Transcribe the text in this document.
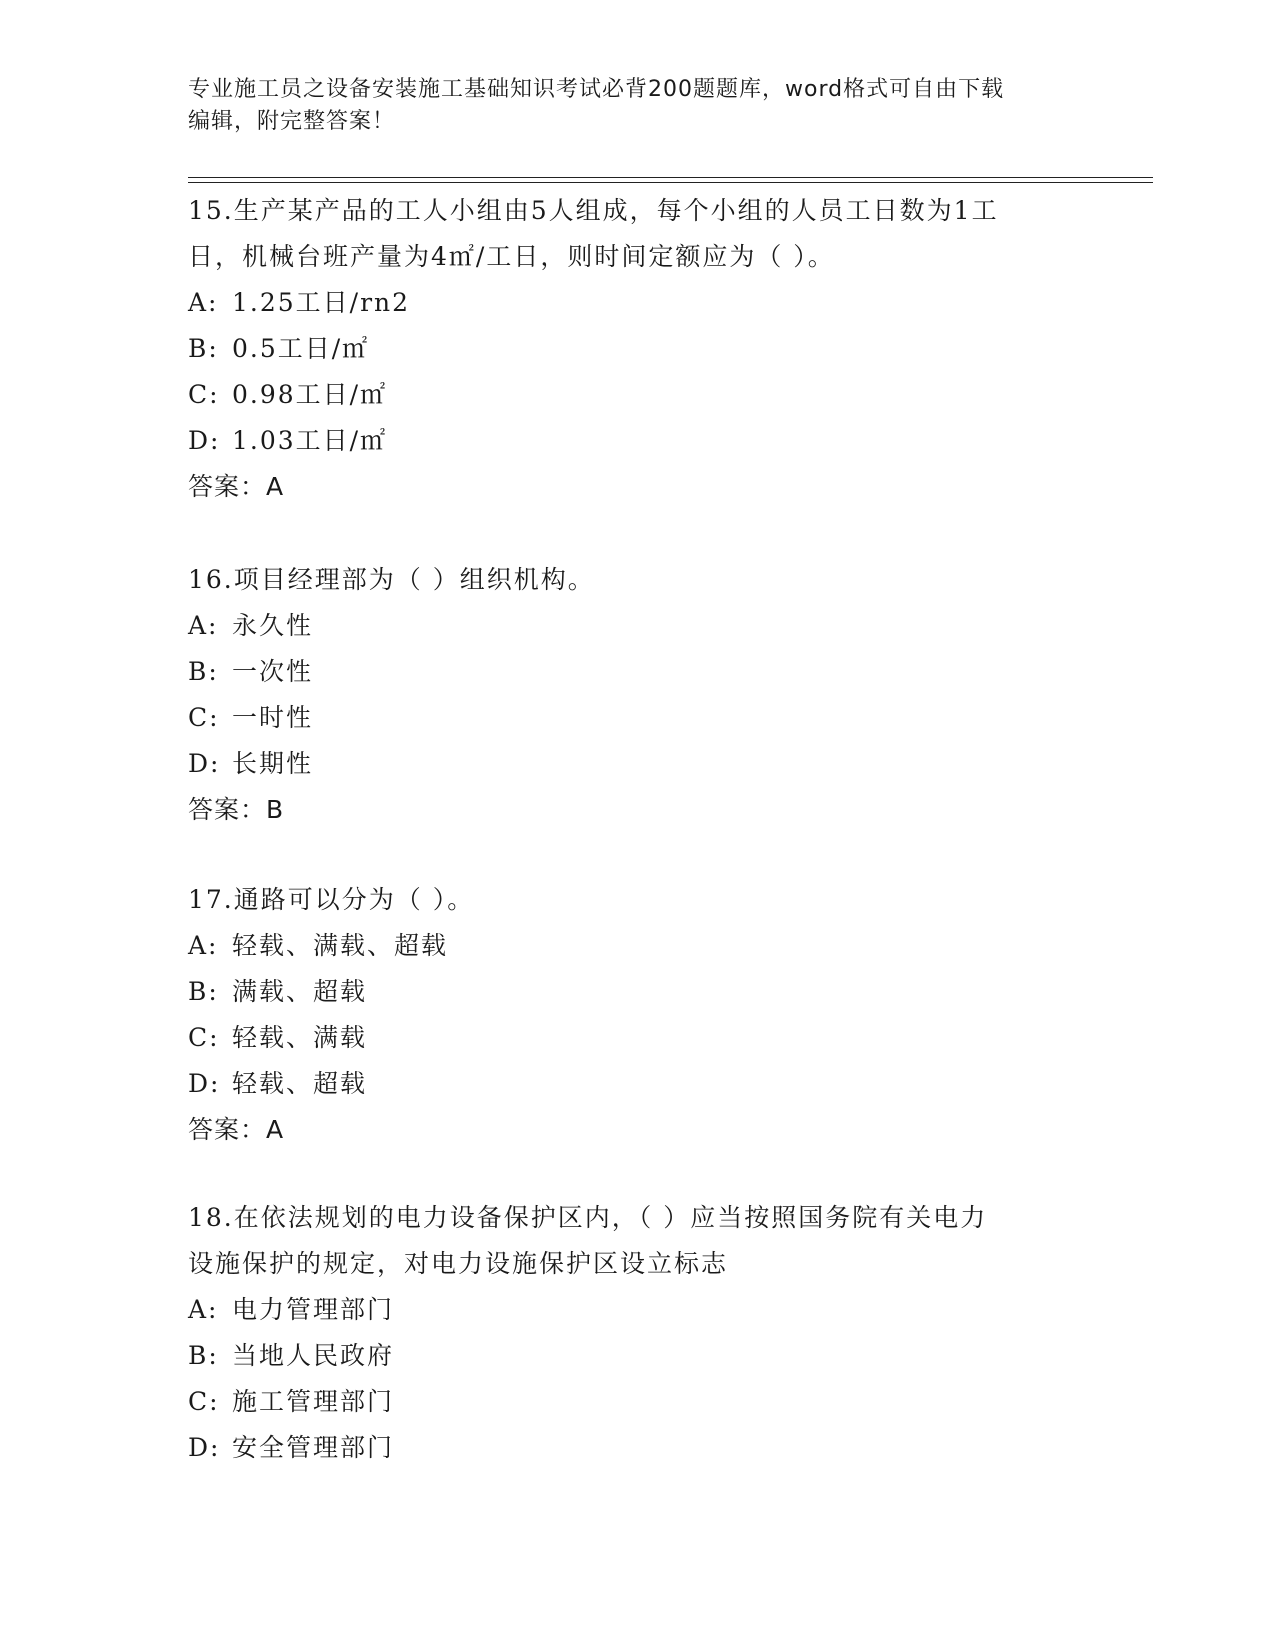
专业施工员之设备安装施工基础知识考试必背200题题库，word格式可自由下载
编辑，附完整答案！

15.生产某产品的工人小组由5人组成，每个小组的人员工日数为1工

日，机械台班产量为4㎡/工日，则时间定额应为（ ）。

A: 1.25工日/rn2

B: 0.5工日/㎡

C: 0.98工日/㎡

D: 1.03工日/㎡

答案：A

16.项目经理部为（ ）组织机构。

A: 永久性

B: 一次性

C: 一时性

D: 长期性

答案：B

17.通路可以分为（ ）。

A: 轻载、满载、超载

B: 满载、超载

C: 轻载、满载

D: 轻载、超载

答案：A

18.在依法规划的电力设备保护区内，（ ）应当按照国务院有关电力

设施保护的规定，对电力设施保护区设立标志

A: 电力管理部门

B: 当地人民政府

C: 施工管理部门

D: 安全管理部门
